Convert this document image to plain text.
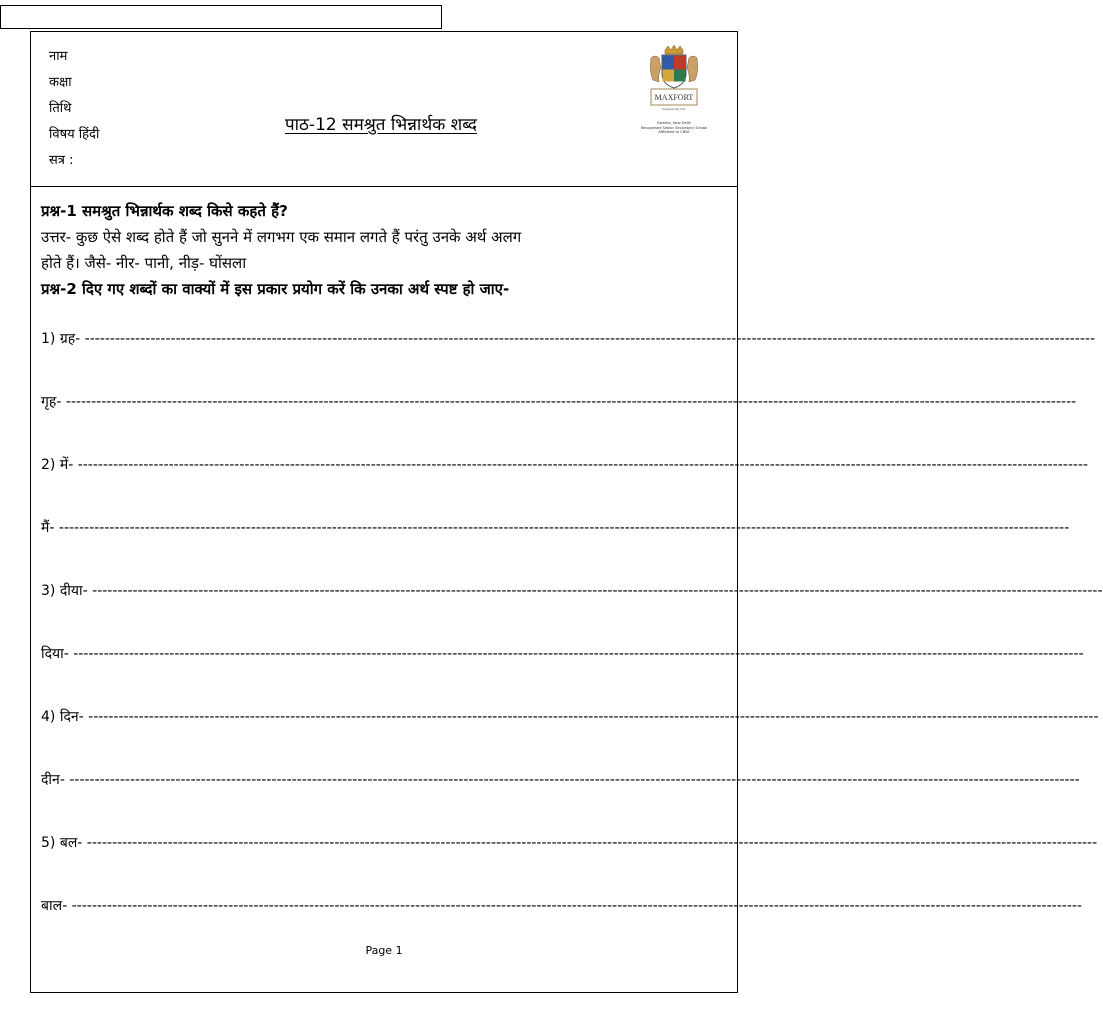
नाम
कक्षा
तिथि
विषय हिंदी
सत्र :
पाठ-12 समश्रुत भिन्नार्थक शब्द
MAXFORT
Engineering Life
Dwarka, New Delhi
Recognised Senior Secondary School
Affiliated to CBSE
प्रश्न-1 समश्रुत भिन्नार्थक शब्द किसे कहते हैं?
उत्तर- कुछ ऐसे शब्द होते हैं जो सुनने में लगभग एक समान लगते हैं परंतु उनके अर्थ अलग
होते हैं। जैसे- नीर- पानी, नीड़- घोंसला
प्रश्न-2 दिए गए शब्दों का वाक्यों में इस प्रकार प्रयोग करें कि उनका अर्थ स्पष्ट हो जाए-
1) ग्रह- --------------------------------------------------------------------------------------------------------------------------------------------------------------------------------------------------------
गृह- --------------------------------------------------------------------------------------------------------------------------------------------------------------------------------------------------------
2) में- --------------------------------------------------------------------------------------------------------------------------------------------------------------------------------------------------------
मैं- --------------------------------------------------------------------------------------------------------------------------------------------------------------------------------------------------------
3) दीया- --------------------------------------------------------------------------------------------------------------------------------------------------------------------------------------------------------
दिया- --------------------------------------------------------------------------------------------------------------------------------------------------------------------------------------------------------
4) दिन- --------------------------------------------------------------------------------------------------------------------------------------------------------------------------------------------------------
दीन- --------------------------------------------------------------------------------------------------------------------------------------------------------------------------------------------------------
5) बल- --------------------------------------------------------------------------------------------------------------------------------------------------------------------------------------------------------
बाल- --------------------------------------------------------------------------------------------------------------------------------------------------------------------------------------------------------
Page 1
